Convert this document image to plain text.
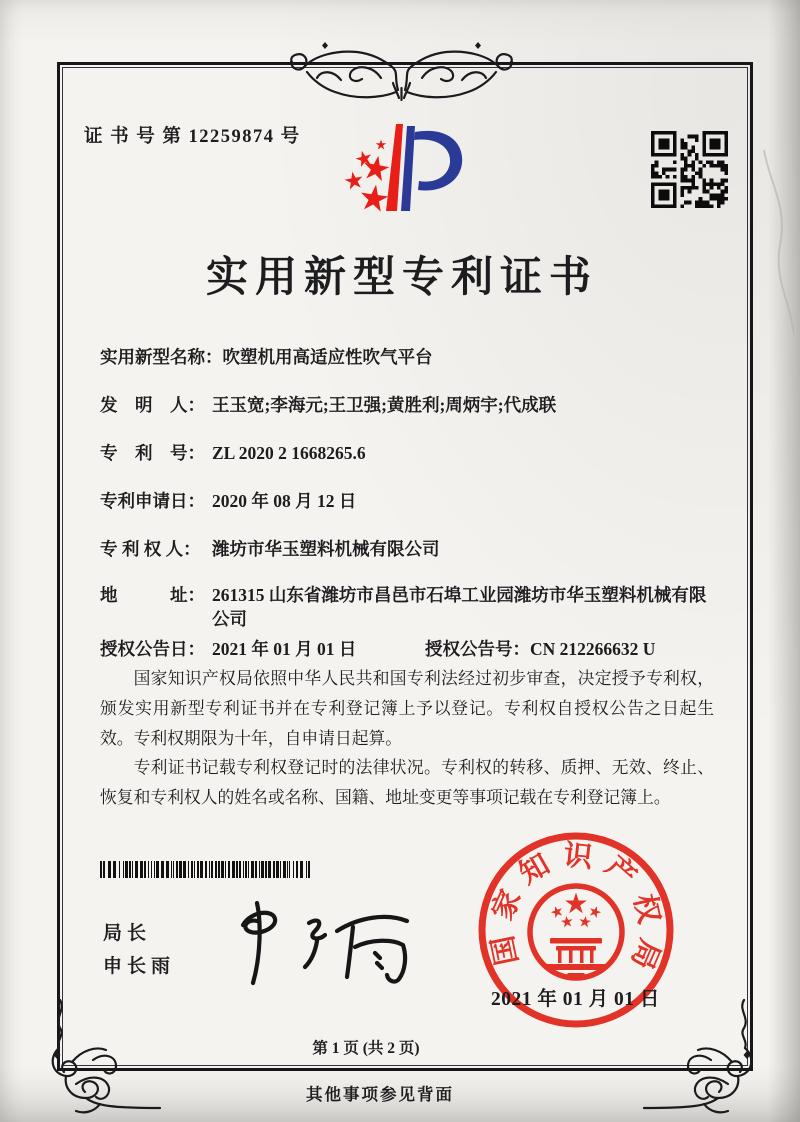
证 书 号 第 12259874 号
实用新型专利证书
实用新型名称： 吹塑机用高适应性吹气平台
发　明　人： 王玉宽;李海元;王卫强;黄胜利;周炳宇;代成联
专　利　号： ZL 2020 2 1668265.6
专利申请日： 2020 年 08 月 12 日
专 利 权 人： 潍坊市华玉塑料机械有限公司
地　　　址： 261315 山东省潍坊市昌邑市石埠工业园潍坊市华玉塑料机械有限公司
授权公告日： 2021 年 01 月 01 日	授权公告号： CN 212266632 U

国家知识产权局依照中华人民共和国专利法经过初步审查，决定授予专利权，颁发实用新型专利证书并在专利登记簿上予以登记。专利权自授权公告之日起生效。专利权期限为十年，自申请日起算。

专利证书记载专利权登记时的法律状况。专利权的转移、质押、无效、终止、恢复和专利权人的姓名或名称、国籍、地址变更等事项记载在专利登记簿上。

局长
申长雨	国家知识产权局
2021 年 01 月 01 日
第 1 页 (共 2 页)
其他事项参见背面
